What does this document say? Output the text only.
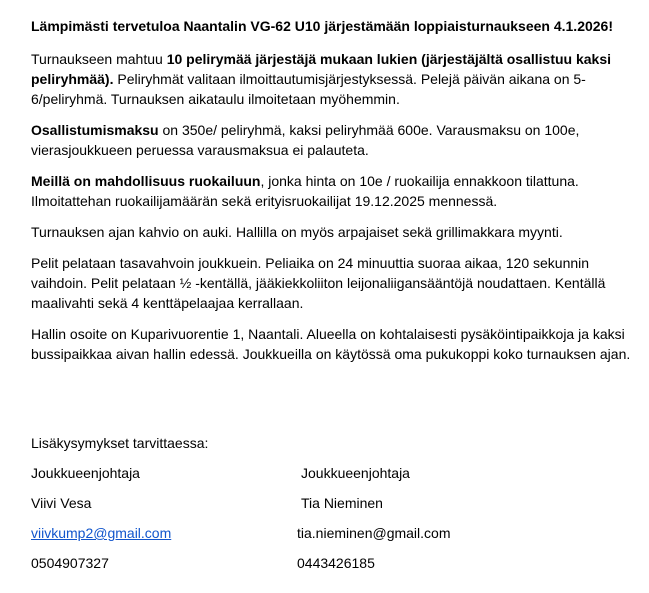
Lämpimästi tervetuloa Naantalin VG-62 U10 järjestämään loppiaisturnaukseen 4.1.2026!

Turnaukseen mahtuu 10 pelirymää järjestäjä mukaan lukien (järjestäjältä osallistuu kaksi peliryhmää). Peliryhmät valitaan ilmoittautumisjärjestyksessä. Pelejä päivän aikana on 5-6/peliryhmä. Turnauksen aikataulu ilmoitetaan myöhemmin.

Osallistumismaksu on 350e/ peliryhmä, kaksi peliryhmää 600e. Varausmaksu on 100e, vierasjoukkueen peruessa varausmaksua ei palauteta.

Meillä on mahdollisuus ruokailuun, jonka hinta on 10e / ruokailija ennakkoon tilattuna. Ilmoitattehan ruokailijamäärän sekä erityisruokailijat 19.12.2025 mennessä.

Turnauksen ajan kahvio on auki. Hallilla on myös arpajaiset sekä grillimakkara myynti.

Pelit pelataan tasavahvoin joukkuein. Peliaika on 24 minuuttia suoraa aikaa, 120 sekunnin vaihdoin. Pelit pelataan ½ -kentällä, jääkiekkoliiton leijonaliigansääntöjä noudattaen. Kentällä maalivahti sekä 4 kenttäpelaajaa kerrallaan.

Hallin osoite on Kuparivuorentie 1, Naantali. Alueella on kohtalaisesti pysäköintipaikkoja ja kaksi bussipaikkaa aivan hallin edessä. Joukkueilla on käytössä oma pukukoppi koko turnauksen ajan.

Lisäkysymykset tarvittaessa:
Joukkueenjohtaja	Joukkueenjohtaja
Viivi Vesa	Tia Nieminen
viivkump2@gmail.com	tia.nieminen@gmail.com
0504907327	0443426185
